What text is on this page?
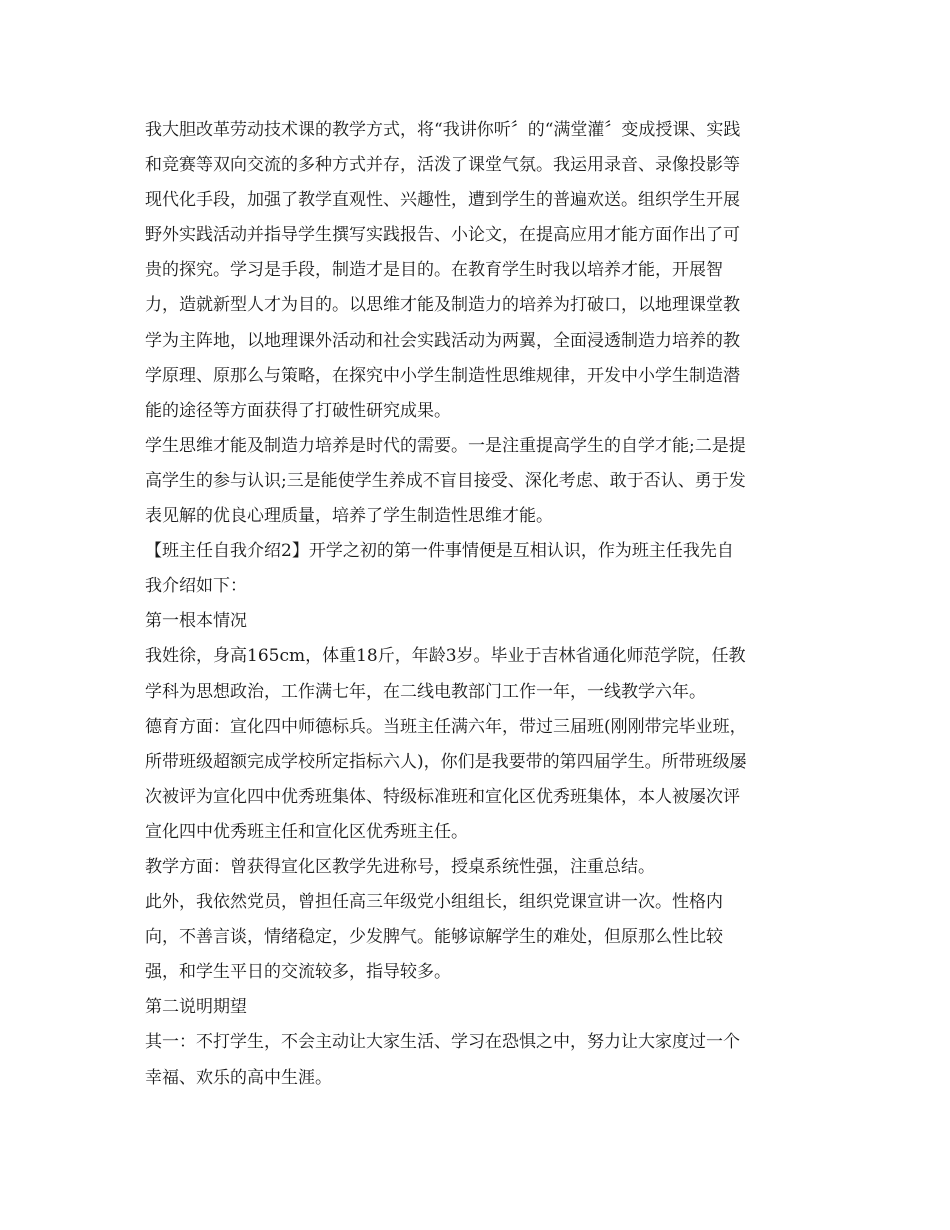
我大胆改革劳动技术课的教学方式，将“我讲你听〞的“满堂灌〞变成授课、实践
和竞赛等双向交流的多种方式并存，活泼了课堂气氛。我运用录音、录像投影等
现代化手段，加强了教学直观性、兴趣性，遭到学生的普遍欢送。组织学生开展
野外实践活动并指导学生撰写实践报告、小论文，在提高应用才能方面作出了可
贵的探究。学习是手段，制造才是目的。在教育学生时我以培养才能，开展智
力，造就新型人才为目的。以思维才能及制造力的培养为打破口，以地理课堂教
学为主阵地，以地理课外活动和社会实践活动为两翼，全面浸透制造力培养的教
学原理、原那么与策略，在探究中小学生制造性思维规律，开发中小学生制造潜
能的途径等方面获得了打破性研究成果。
学生思维才能及制造力培养是时代的需要。一是注重提高学生的自学才能;二是提
高学生的参与认识;三是能使学生养成不盲目接受、深化考虑、敢于否认、勇于发
表见解的优良心理质量，培养了学生制造性思维才能。
【班主任自我介绍2】开学之初的第一件事情便是互相认识，作为班主任我先自
我介绍如下：
第一根本情况
我姓徐，身高165cm，体重18斤，年龄3岁。毕业于吉林省通化师范学院，任教
学科为思想政治，工作满七年，在二线电教部门工作一年，一线教学六年。
德育方面：宣化四中师德标兵。当班主任满六年，带过三届班(刚刚带完毕业班，
所带班级超额完成学校所定指标六人)，你们是我要带的第四届学生。所带班级屡
次被评为宣化四中优秀班集体、特级标准班和宣化区优秀班集体，本人被屡次评
宣化四中优秀班主任和宣化区优秀班主任。
教学方面：曾获得宣化区教学先进称号，授桌系统性强，注重总结。
此外，我依然党员，曾担任高三年级党小组组长，组织党课宣讲一次。性格内
向，不善言谈，情绪稳定，少发脾气。能够谅解学生的难处，但原那么性比较
强，和学生平日的交流较多，指导较多。
第二说明期望
其一：不打学生，不会主动让大家生活、学习在恐惧之中，努力让大家度过一个
幸福、欢乐的高中生涯。
